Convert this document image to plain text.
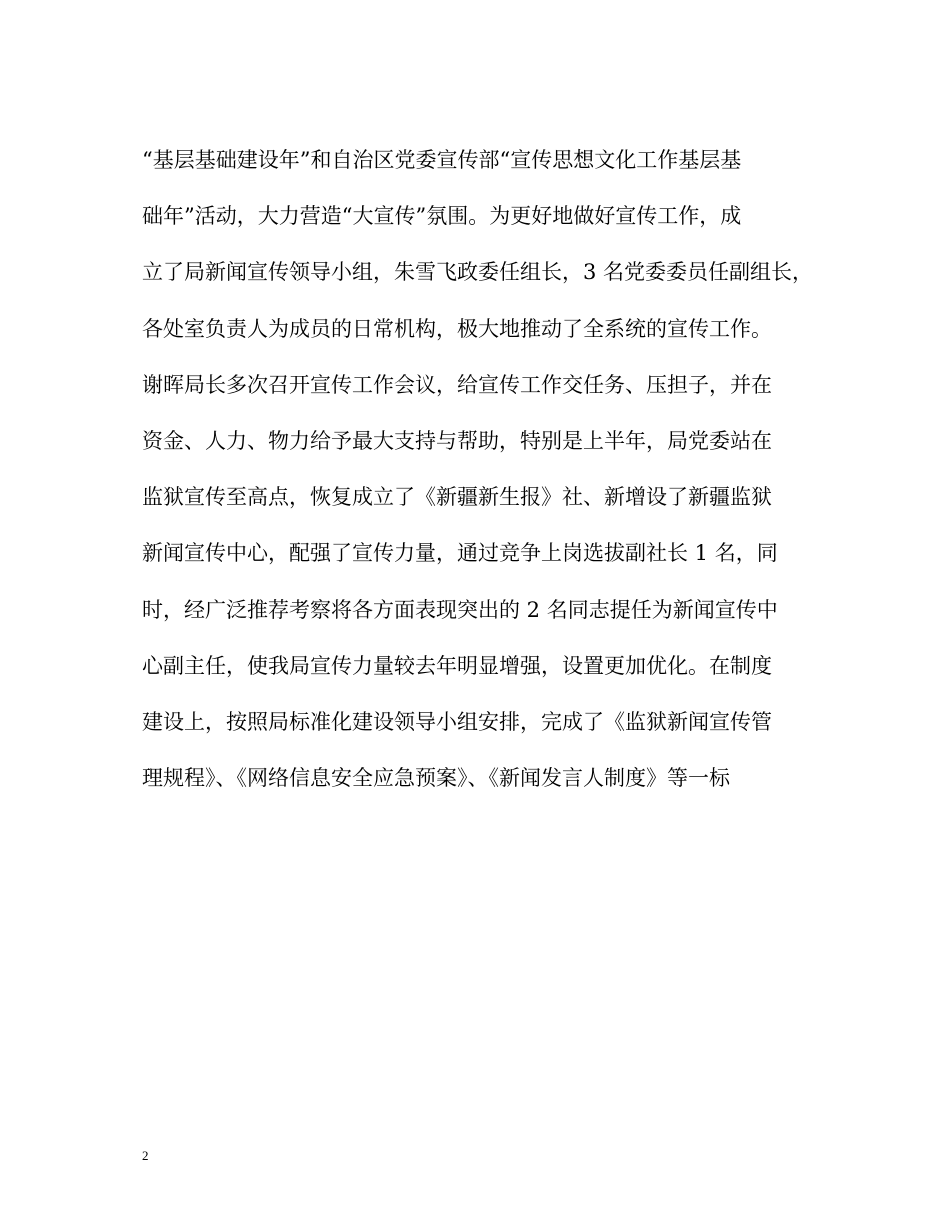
“基层基础建设年”和自治区党委宣传部“宣传思想文化工作基层基
础年”活动，大力营造“大宣传”氛围。为更好地做好宣传工作，成
立了局新闻宣传领导小组，朱雪飞政委任组长，3 名党委委员任副组长，
各处室负责人为成员的日常机构，极大地推动了全系统的宣传工作。
谢晖局长多次召开宣传工作会议，给宣传工作交任务、压担子，并在
资金、人力、物力给予最大支持与帮助，特别是上半年，局党委站在
监狱宣传至高点，恢复成立了《新疆新生报》社、新增设了新疆监狱
新闻宣传中心，配强了宣传力量，通过竞争上岗选拔副社长 1 名，同
时，经广泛推荐考察将各方面表现突出的 2 名同志提任为新闻宣传中
心副主任，使我局宣传力量较去年明显增强，设置更加优化。在制度
建设上，按照局标准化建设领导小组安排，完成了《监狱新闻宣传管
理规程》、《网络信息安全应急预案》、《新闻发言人制度》等一标
2
